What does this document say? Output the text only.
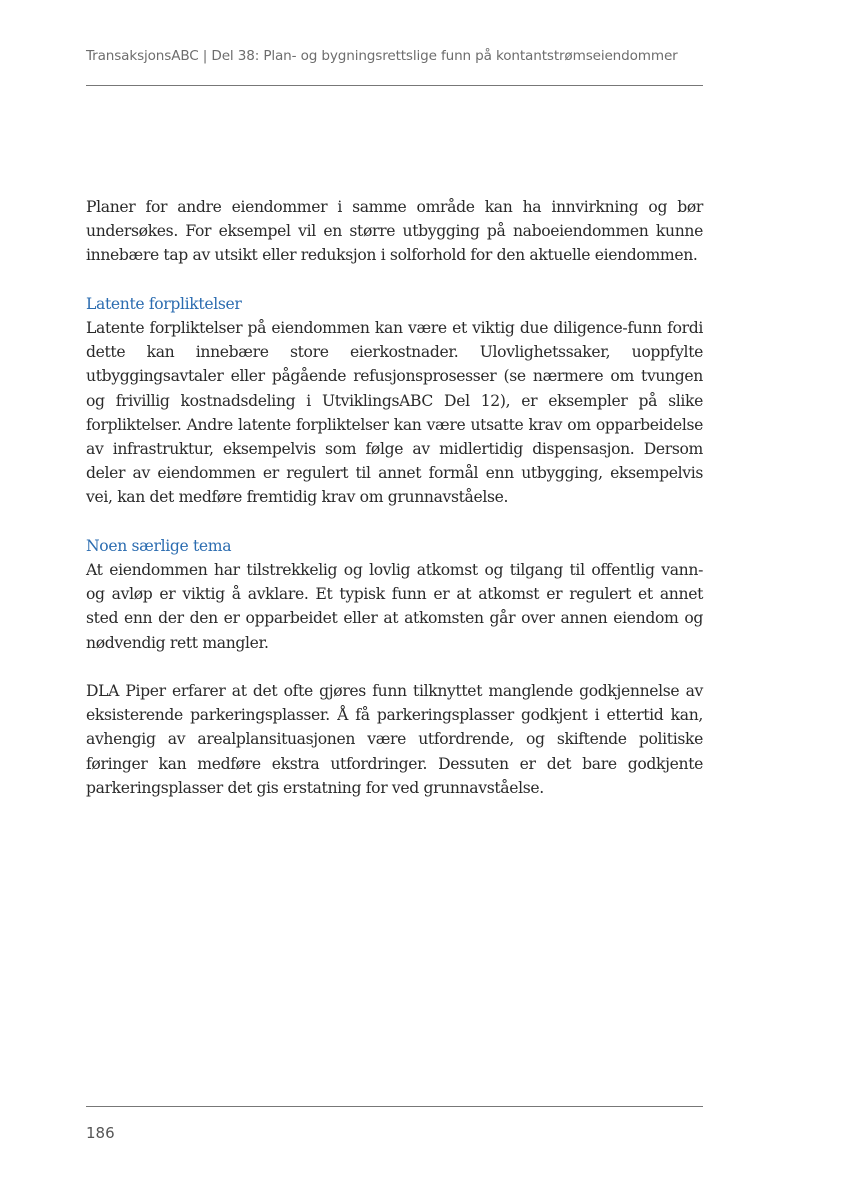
TransaksjonsABC | Del 38: Plan- og bygningsrettslige funn på kontantstrømseiendommer

Planer for andre eiendommer i samme område kan ha innvirkning og bør undersøkes. For eksempel vil en større utbygging på naboeiendommen kunne innebære tap av utsikt eller reduksjon i solforhold for den aktuelle eiendommen.

Latente forpliktelser

Latente forpliktelser på eiendommen kan være et viktig due diligence-funn fordi dette kan innebære store eierkostnader. Ulovlighetssaker, uoppfylte utbyggingsavtaler eller pågående refusjonsprosesser (se nærmere om tvungen og frivillig kostnadsdeling i UtviklingsABC Del 12), er eksempler på slike forpliktelser. Andre latente forpliktelser kan være utsatte krav om opparbeidelse av infrastruktur, eksempelvis som følge av midlertidig dispensasjon. Dersom deler av eiendommen er regulert til annet formål enn utbygging, eksempelvis vei, kan det medføre fremtidig krav om grunnavståelse.

Noen særlige tema

At eiendommen har tilstrekkelig og lovlig atkomst og tilgang til offentlig vann- og avløp er viktig å avklare. Et typisk funn er at atkomst er regulert et annet sted enn der den er opparbeidet eller at atkomsten går over annen eiendom og nødvendig rett mangler.

DLA Piper erfarer at det ofte gjøres funn tilknyttet manglende godkjennelse av eksisterende parkeringsplasser. Å få parkeringsplasser godkjent i ettertid kan, avhengig av arealplansituasjonen være utfordrende, og skiftende politiske føringer kan medføre ekstra utfordringer. Dessuten er det bare godkjente parkeringsplasser det gis erstatning for ved grunnavståelse.

186
